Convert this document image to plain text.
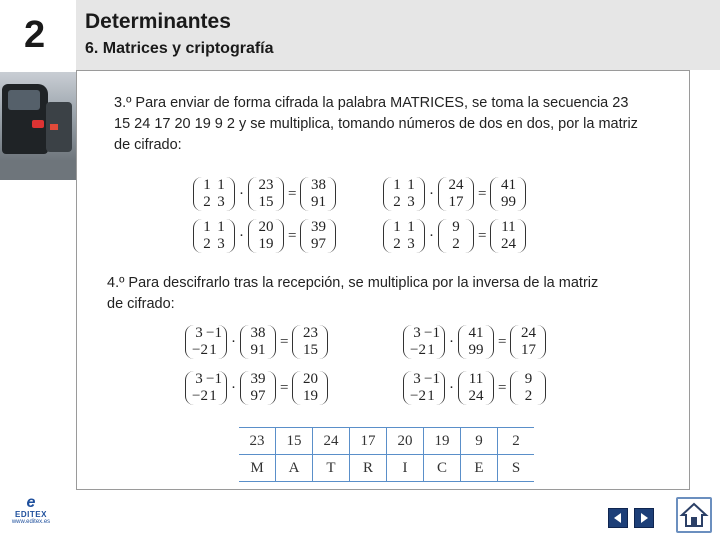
2 Determinantes
6. Matrices y criptografía
3.º Para enviar de forma cifrada la palabra MATRICES, se toma la secuencia 23 15 24 17 20 19 9 2 y se multiplica, tomando números de dos en dos, por la matriz de cifrado:
1 1
2 3
·
23
15
=
38
91
1 1
2 3
·
24
17
=
41
99
1 1
2 3
·
20
19
=
39
97
1 1
2 3
·
9
2
=
11
24
4.º Para descifrarlo tras la recepción, se multiplica por la inversa de la matriz de cifrado:
3 −1
−2 1
·
38
91
=
23
15
3 −1
−2 1
·
41
99
=
24
17
3 −1
−2 1
·
39
97
=
20
19
3 −1
−2 1
·
11
24
=
9
2
23	15	24	17	20	19	9	2
M	A	T	R	I	C	E	S
e
EDITEX
www.editex.es
